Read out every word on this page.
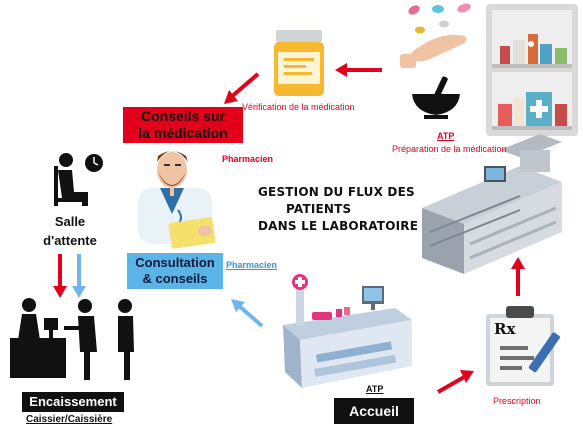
Conseils sur
la médication
Pharmacien
Vérification de la médication
ATP
Préparation de la médication
GESTION DU FLUX DES
PATIENTS
DANS LE LABORATOIRE
Salle
d'attente
Consultation
& conseils
Pharmacien
Encaissement
Caissier/Caissière
ATP
Accueil
Prescription
Rx
